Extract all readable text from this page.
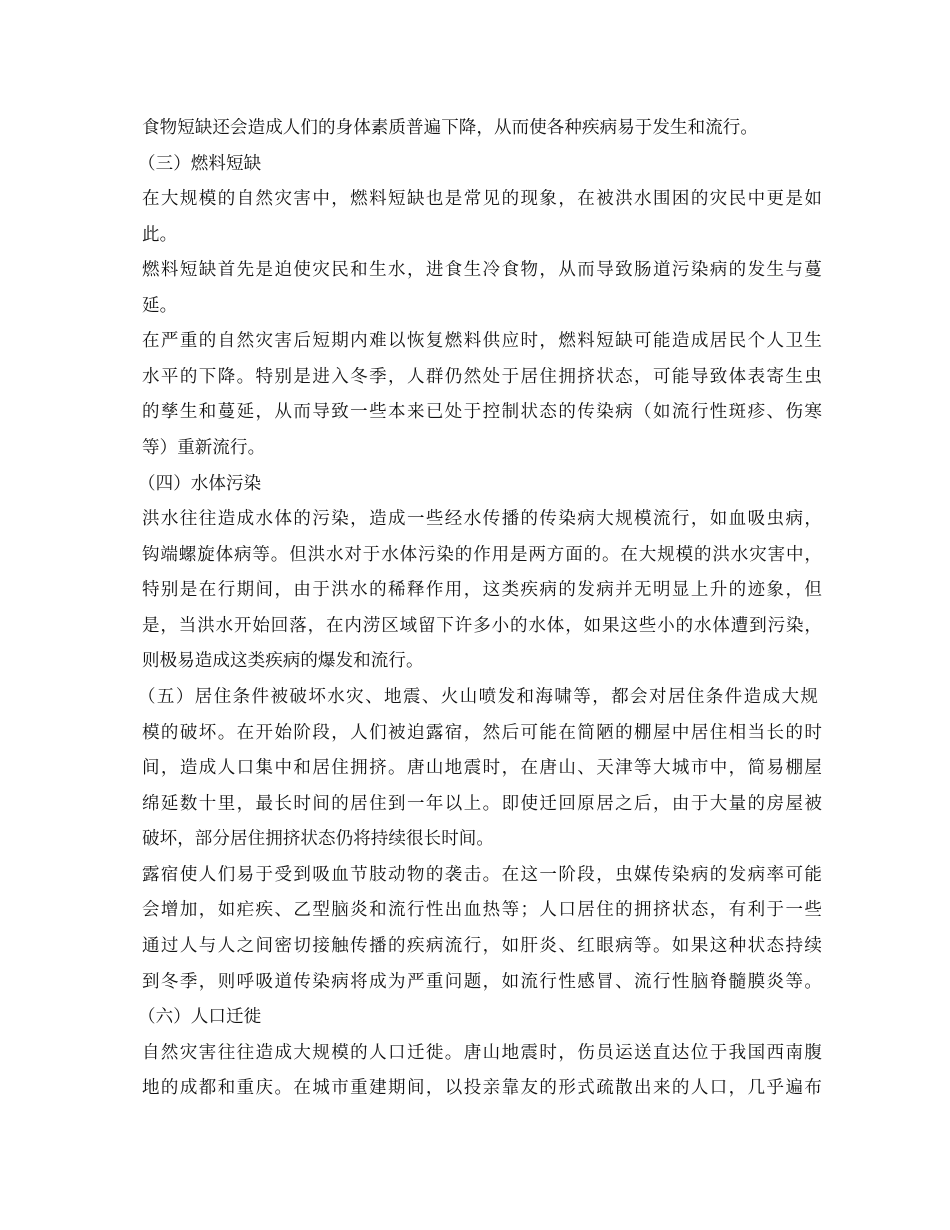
食物短缺还会造成人们的身体素质普遍下降，从而使各种疾病易于发生和流行。
（三）燃料短缺
在大规模的自然灾害中，燃料短缺也是常见的现象，在被洪水围困的灾民中更是如
此。
燃料短缺首先是迫使灾民和生水，进食生冷食物，从而导致肠道污染病的发生与蔓
延。
在严重的自然灾害后短期内难以恢复燃料供应时，燃料短缺可能造成居民个人卫生
水平的下降。特别是进入冬季，人群仍然处于居住拥挤状态，可能导致体表寄生虫
的孳生和蔓延，从而导致一些本来已处于控制状态的传染病（如流行性斑疹、伤寒
等）重新流行。
（四）水体污染
洪水往往造成水体的污染，造成一些经水传播的传染病大规模流行，如血吸虫病，
钩端螺旋体病等。但洪水对于水体污染的作用是两方面的。在大规模的洪水灾害中，
特别是在行期间，由于洪水的稀释作用，这类疾病的发病并无明显上升的迹象，但
是，当洪水开始回落，在内涝区域留下许多小的水体，如果这些小的水体遭到污染，
则极易造成这类疾病的爆发和流行。
（五）居住条件被破坏水灾、地震、火山喷发和海啸等，都会对居住条件造成大规
模的破坏。在开始阶段，人们被迫露宿，然后可能在简陋的棚屋中居住相当长的时
间，造成人口集中和居住拥挤。唐山地震时，在唐山、天津等大城市中，简易棚屋
绵延数十里，最长时间的居住到一年以上。即使迁回原居之后，由于大量的房屋被
破坏，部分居住拥挤状态仍将持续很长时间。
露宿使人们易于受到吸血节肢动物的袭击。在这一阶段，虫媒传染病的发病率可能
会增加，如疟疾、乙型脑炎和流行性出血热等；人口居住的拥挤状态，有利于一些
通过人与人之间密切接触传播的疾病流行，如肝炎、红眼病等。如果这种状态持续
到冬季，则呼吸道传染病将成为严重问题，如流行性感冒、流行性脑脊髓膜炎等。
（六）人口迁徙
自然灾害往往造成大规模的人口迁徙。唐山地震时，伤员运送直达位于我国西南腹
地的成都和重庆。在城市重建期间，以投亲靠友的形式疏散出来的人口，几乎遍布
